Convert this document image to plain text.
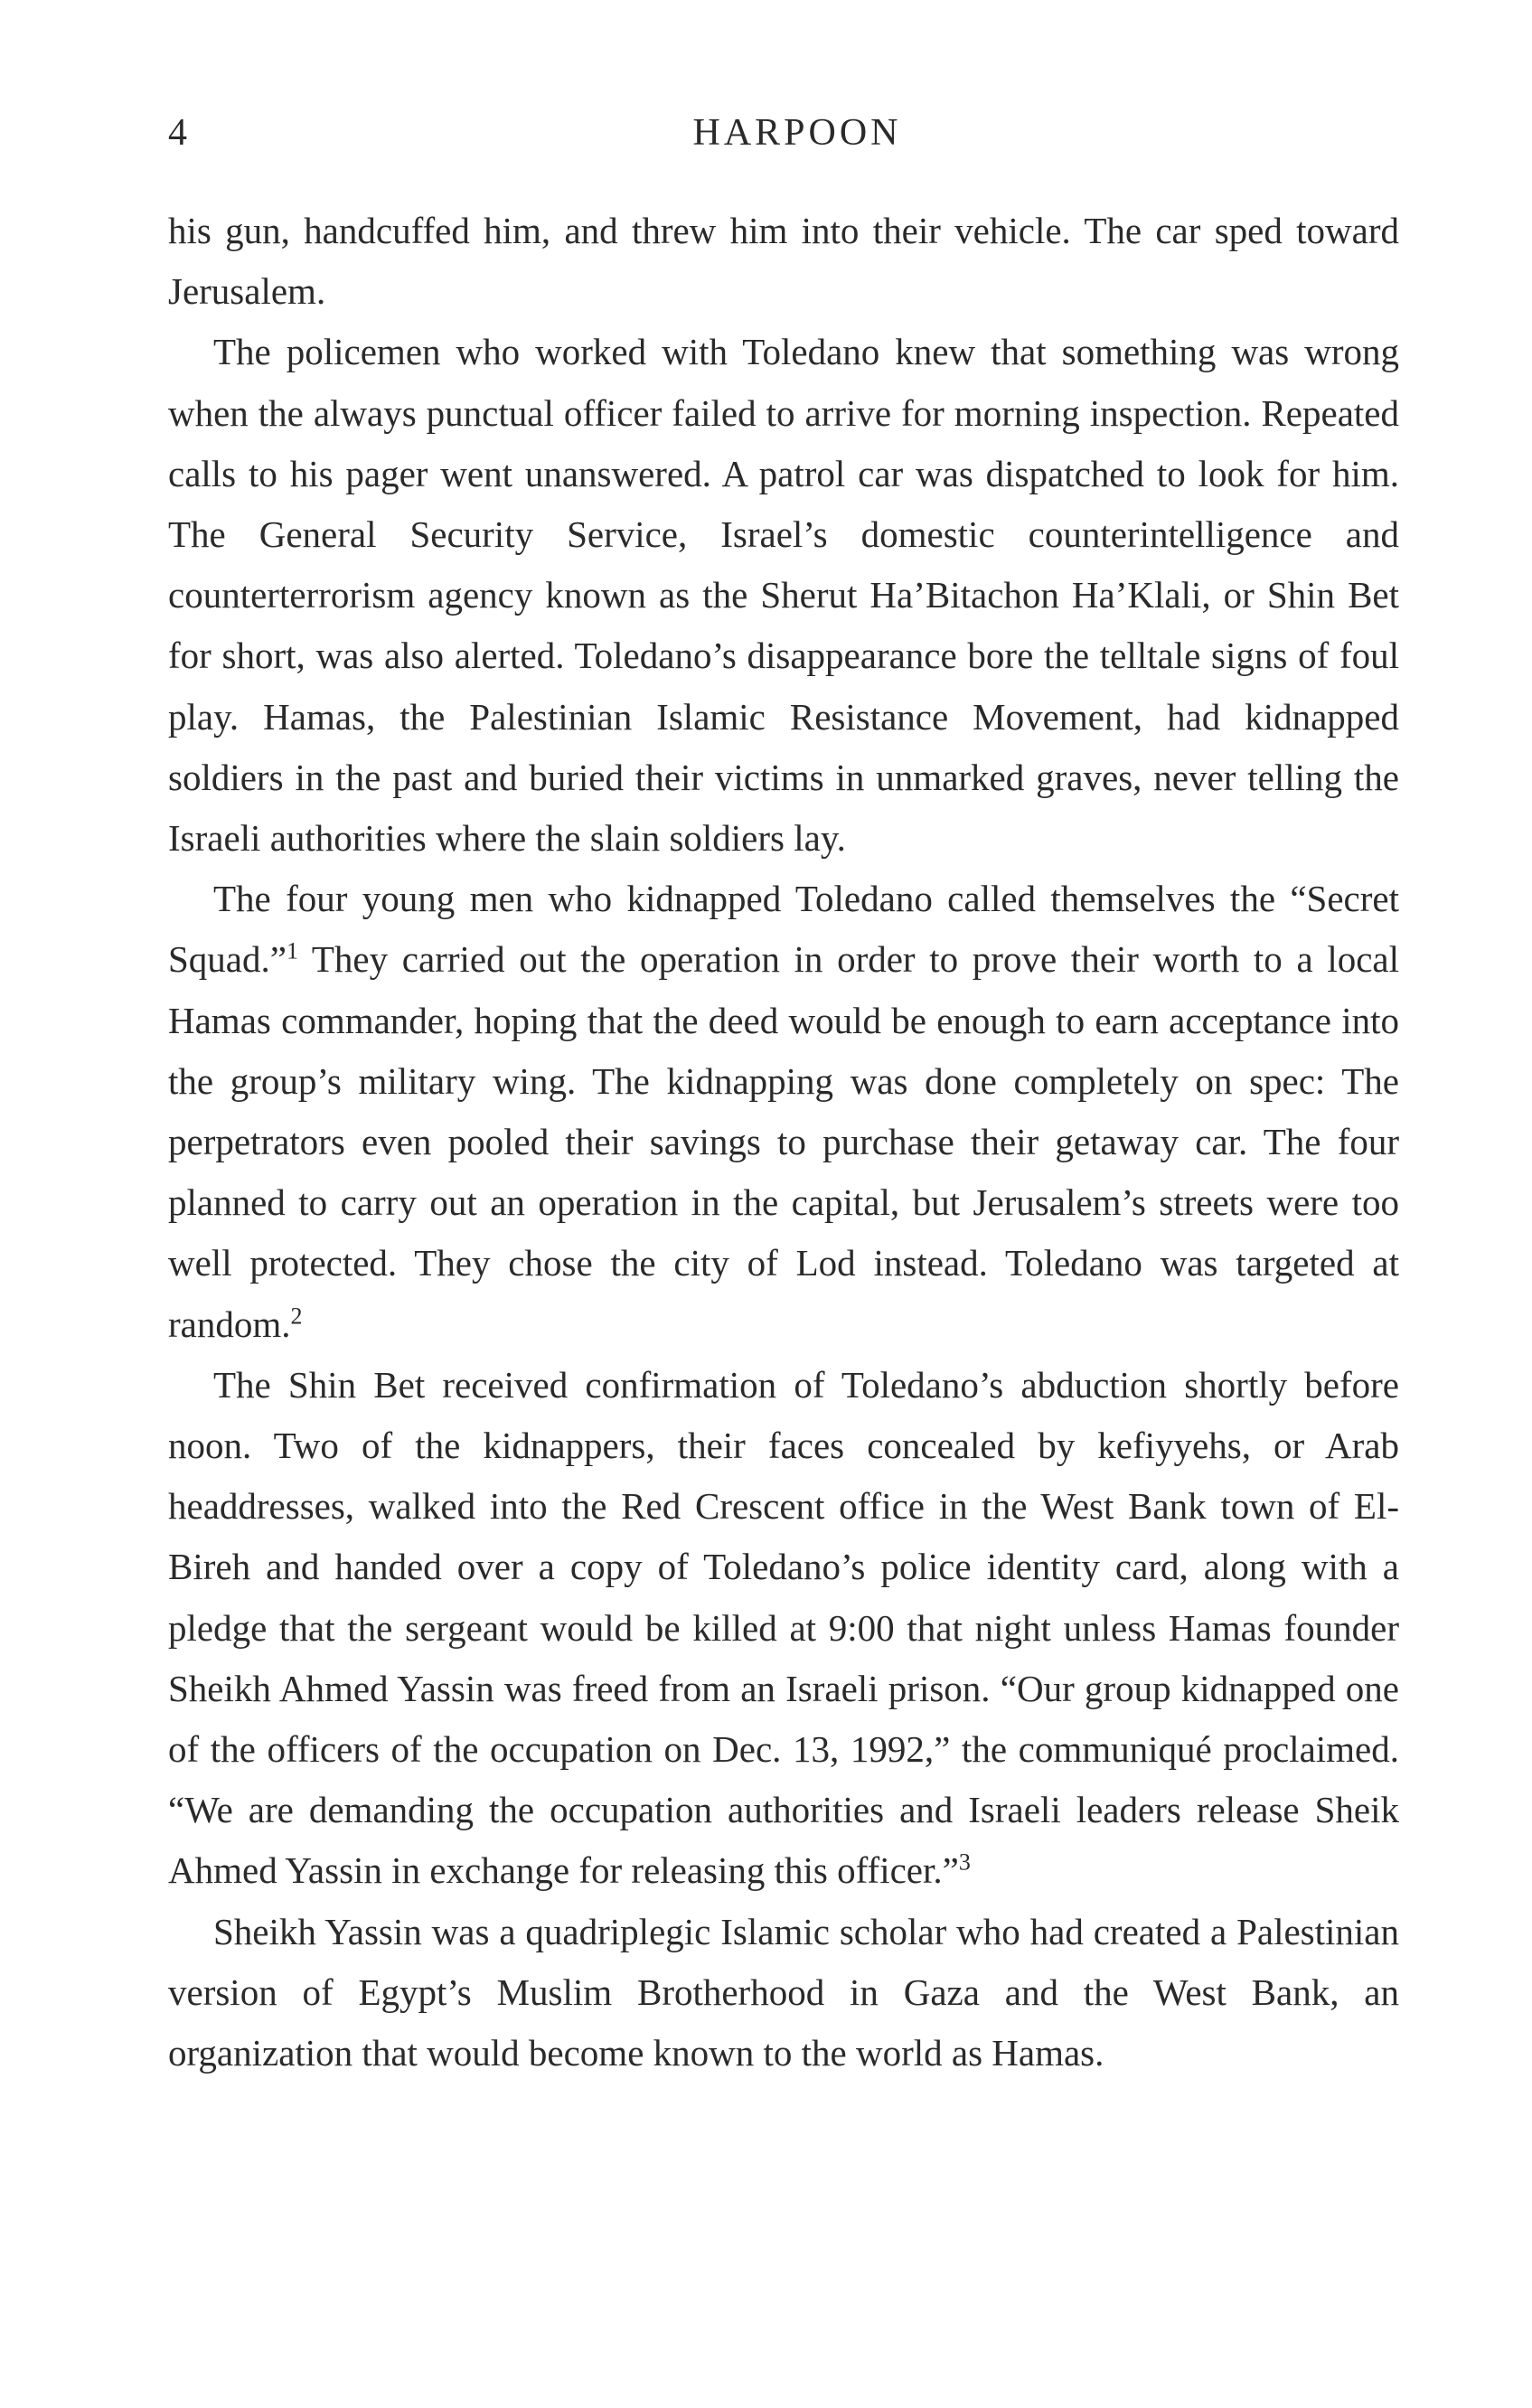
4	HARPOON

his gun, handcuffed him, and threw him into their vehicle. The car sped toward Jerusalem.

The policemen who worked with Toledano knew that something was wrong when the always punctual officer failed to arrive for morning inspection. Repeated calls to his pager went unanswered. A patrol car was dispatched to look for him. The General Security Service, Israel’s domestic counterintelligence and counterterrorism agency known as the Sherut Ha’Bitachon Ha’Klali, or Shin Bet for short, was also alerted. Toledano’s disappearance bore the telltale signs of foul play. Hamas, the Palestinian Islamic Resistance Movement, had kidnapped soldiers in the past and buried their victims in unmarked graves, never telling the Israeli authorities where the slain soldiers lay.

The four young men who kidnapped Toledano called themselves the “Secret Squad.”$^1$ They carried out the operation in order to prove their worth to a local Hamas commander, hoping that the deed would be enough to earn acceptance into the group’s military wing. The kidnapping was done completely on spec: The perpetrators even pooled their savings to purchase their getaway car. The four planned to carry out an operation in the capital, but Jerusalem’s streets were too well protected. They chose the city of Lod instead. Toledano was targeted at random.$^2$

The Shin Bet received confirmation of Toledano’s abduction shortly before noon. Two of the kidnappers, their faces concealed by kefiyyehs, or Arab headdresses, walked into the Red Crescent office in the West Bank town of El-Bireh and handed over a copy of Toledano’s police identity card, along with a pledge that the sergeant would be killed at 9:00 that night unless Hamas founder Sheikh Ahmed Yassin was freed from an Israeli prison. “Our group kidnapped one of the officers of the occupation on Dec. 13, 1992,” the communiqué proclaimed. “We are demanding the occupation authorities and Israeli leaders release Sheik Ahmed Yassin in exchange for releasing this officer.”$^3$

Sheikh Yassin was a quadriplegic Islamic scholar who had created a Palestinian version of Egypt’s Muslim Brotherhood in Gaza and the West Bank, an organization that would become known to the world as Hamas.
